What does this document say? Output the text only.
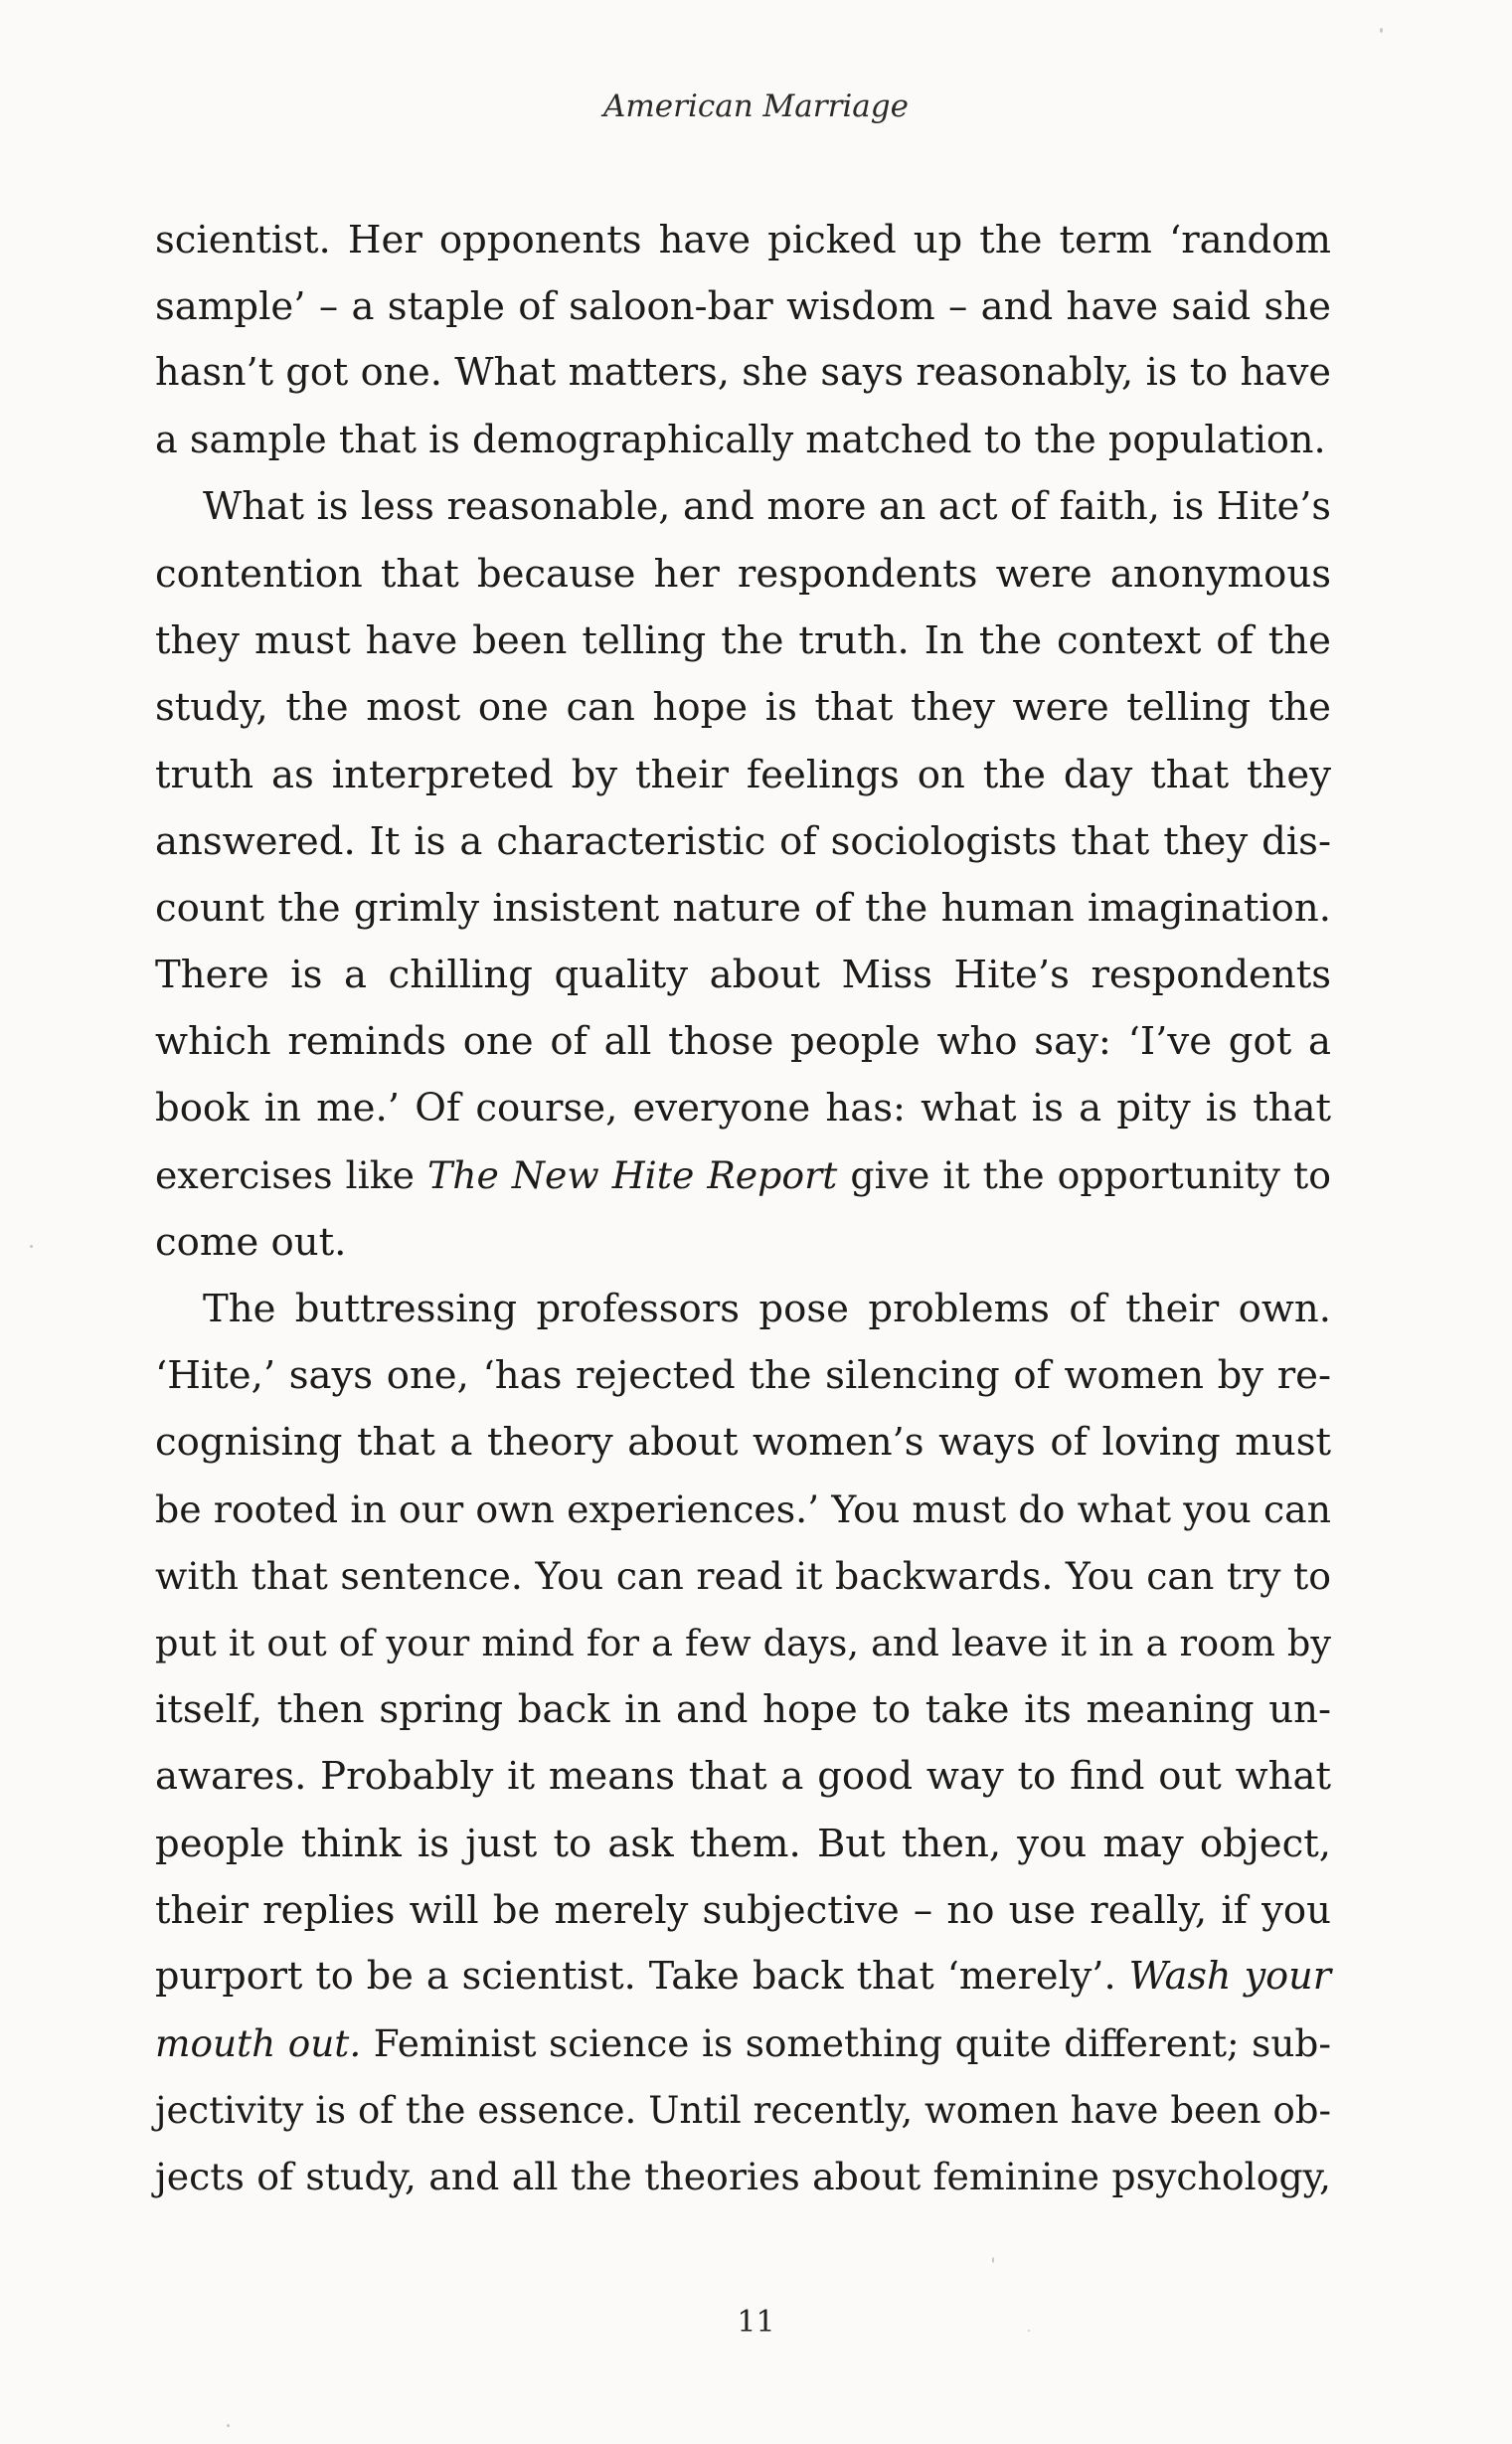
American Marriage
scientist. Her opponents have picked up the term ‘random
sample’ – a staple of saloon-bar wisdom – and have said she
hasn’t got one. What matters, she says reasonably, is to have
a sample that is demographically matched to the population.
What is less reasonable, and more an act of faith, is Hite’s
contention that because her respondents were anonymous
they must have been telling the truth. In the context of the
study, the most one can hope is that they were telling the
truth as interpreted by their feelings on the day that they
answered. It is a characteristic of sociologists that they dis-
count the grimly insistent nature of the human imagination.
There is a chilling quality about Miss Hite’s respondents
which reminds one of all those people who say: ‘I’ve got a
book in me.’ Of course, everyone has: what is a pity is that
exercises like The New Hite Report give it the opportunity to
come out.
The buttressing professors pose problems of their own.
‘Hite,’ says one, ‘has rejected the silencing of women by re-
cognising that a theory about women’s ways of loving must
be rooted in our own experiences.’ You must do what you can
with that sentence. You can read it backwards. You can try to
put it out of your mind for a few days, and leave it in a room by
itself, then spring back in and hope to take its meaning un-
awares. Probably it means that a good way to find out what
people think is just to ask them. But then, you may object,
their replies will be merely subjective – no use really, if you
purport to be a scientist. Take back that ‘merely’. Wash your
mouth out. Feminist science is something quite different; sub-
jectivity is of the essence. Until recently, women have been ob-
jects of study, and all the theories about feminine psychology,
11
